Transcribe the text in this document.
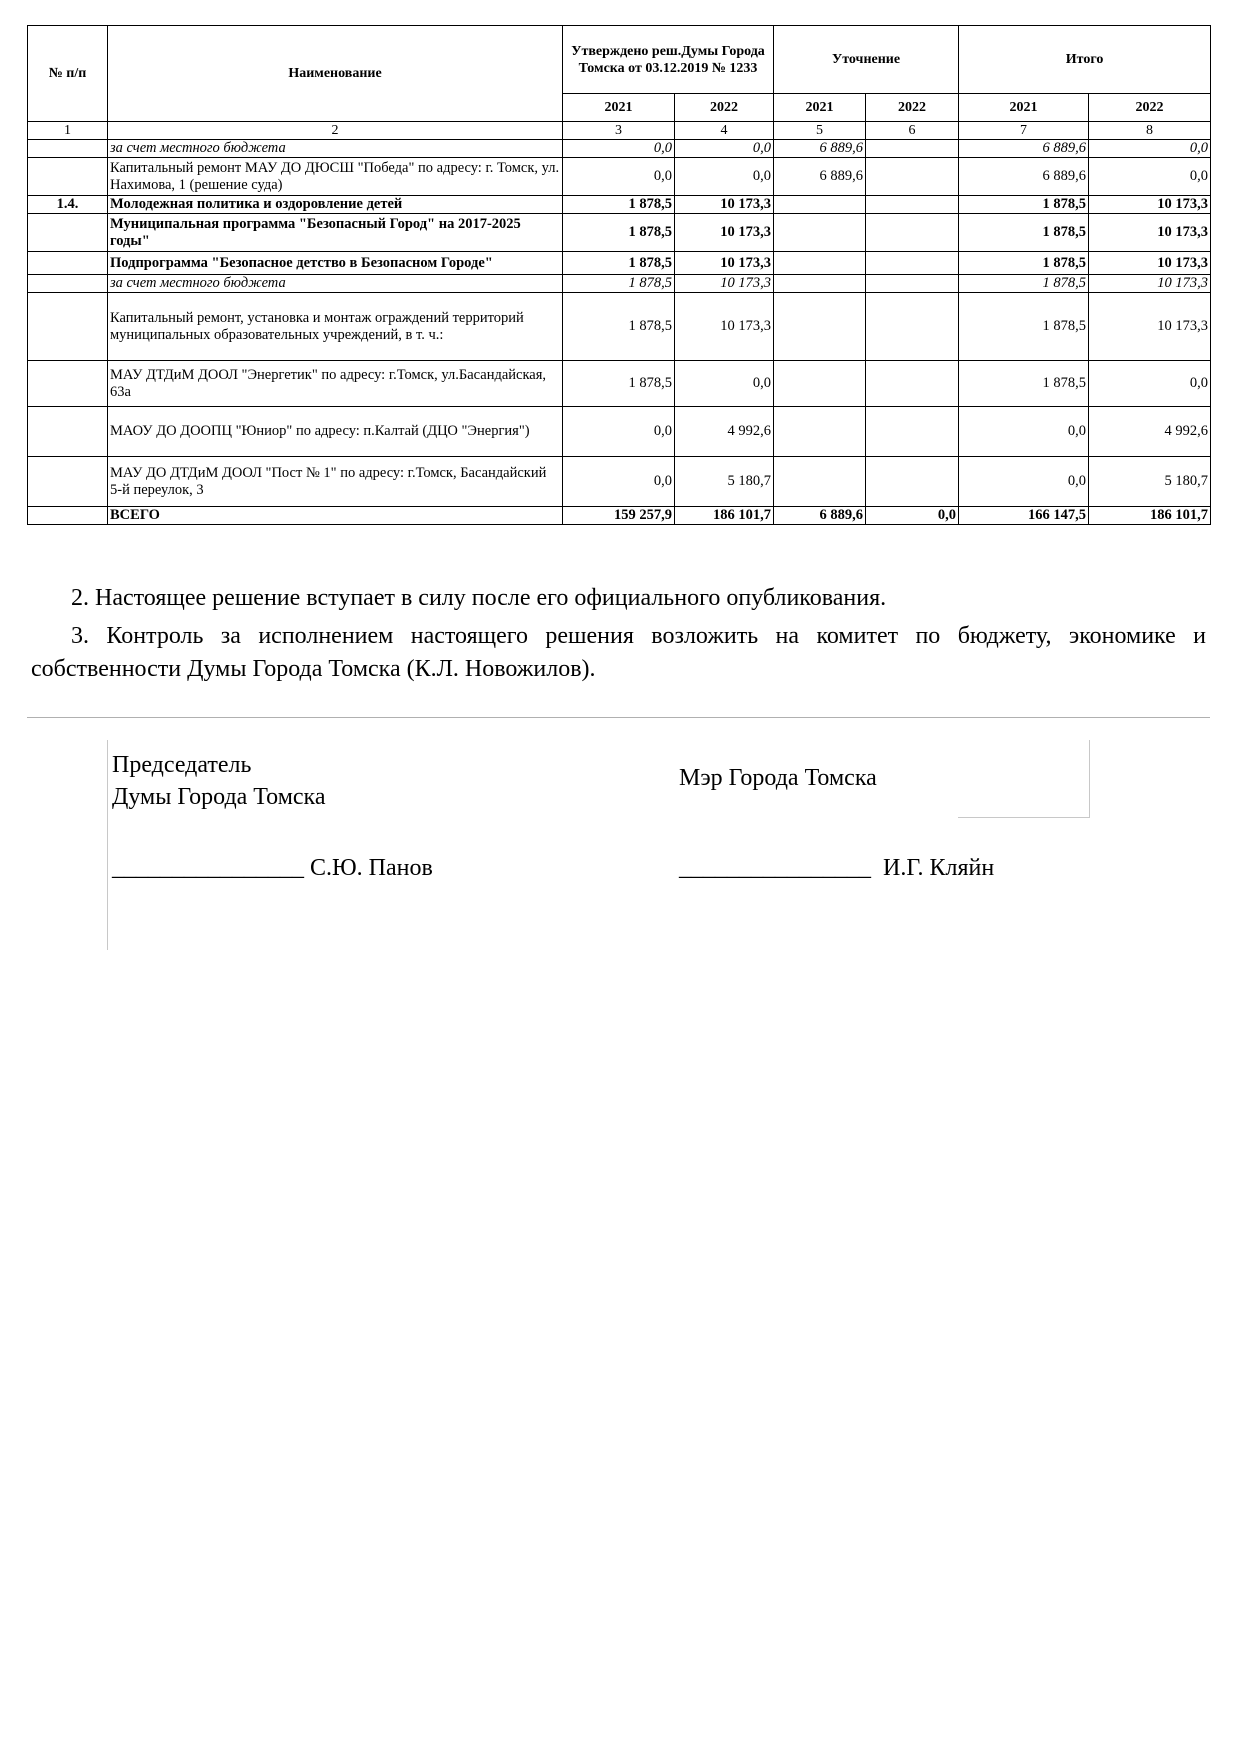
№ п/п	Наименование	Утверждено реш.Думы Города Томска от 03.12.2019 № 1233		Уточнение		Итого	
		2021	2022	2021	2022	2021	2022
1	2	3	4	5	6	7	8
	за счет местного бюджета	0,0	0,0	6 889,6		6 889,6	0,0
	Капитальный ремонт МАУ ДО ДЮСШ "Победа" по адресу: г. Томск, ул. Нахимова, 1 (решение суда)	0,0	0,0	6 889,6		6 889,6	0,0
1.4.	Молодежная политика и оздоровление детей	1 878,5	10 173,3			1 878,5	10 173,3
	Муниципальная программа "Безопасный Город" на 2017-2025 годы"	1 878,5	10 173,3			1 878,5	10 173,3
	Подпрограмма "Безопасное детство в Безопасном Городе"	1 878,5	10 173,3			1 878,5	10 173,3
	за счет местного бюджета	1 878,5	10 173,3			1 878,5	10 173,3
	Капитальный ремонт, установка и монтаж ограждений территорий муниципальных образовательных учреждений, в т. ч.:	1 878,5	10 173,3			1 878,5	10 173,3
	МАУ ДТДиМ ДООЛ "Энергетик" по адресу: г.Томск, ул.Басандайская, 63а	1 878,5	0,0			1 878,5	0,0
	МАОУ ДО ДООПЦ "Юниор" по адресу: п.Калтай (ДЦО "Энергия")	0,0	4 992,6			0,0	4 992,6
	МАУ ДО ДТДиМ ДООЛ "Пост № 1" по адресу: г.Томск, Басандайский 5-й переулок, 3	0,0	5 180,7			0,0	5 180,7
	ВСЕГО	159 257,9	186 101,7	6 889,6	0,0	166 147,5	186 101,7
2. Настоящее решение вступает в силу после его официального опубликования.
3. Контроль за исполнением настоящего решения возложить на комитет по бюджету, экономике и собственности Думы Города Томска (К.Л. Новожилов).
Председатель
Думы Города Томска
Мэр Города Томска
________________ С.Ю. Панов	________________ И.Г. Кляйн
